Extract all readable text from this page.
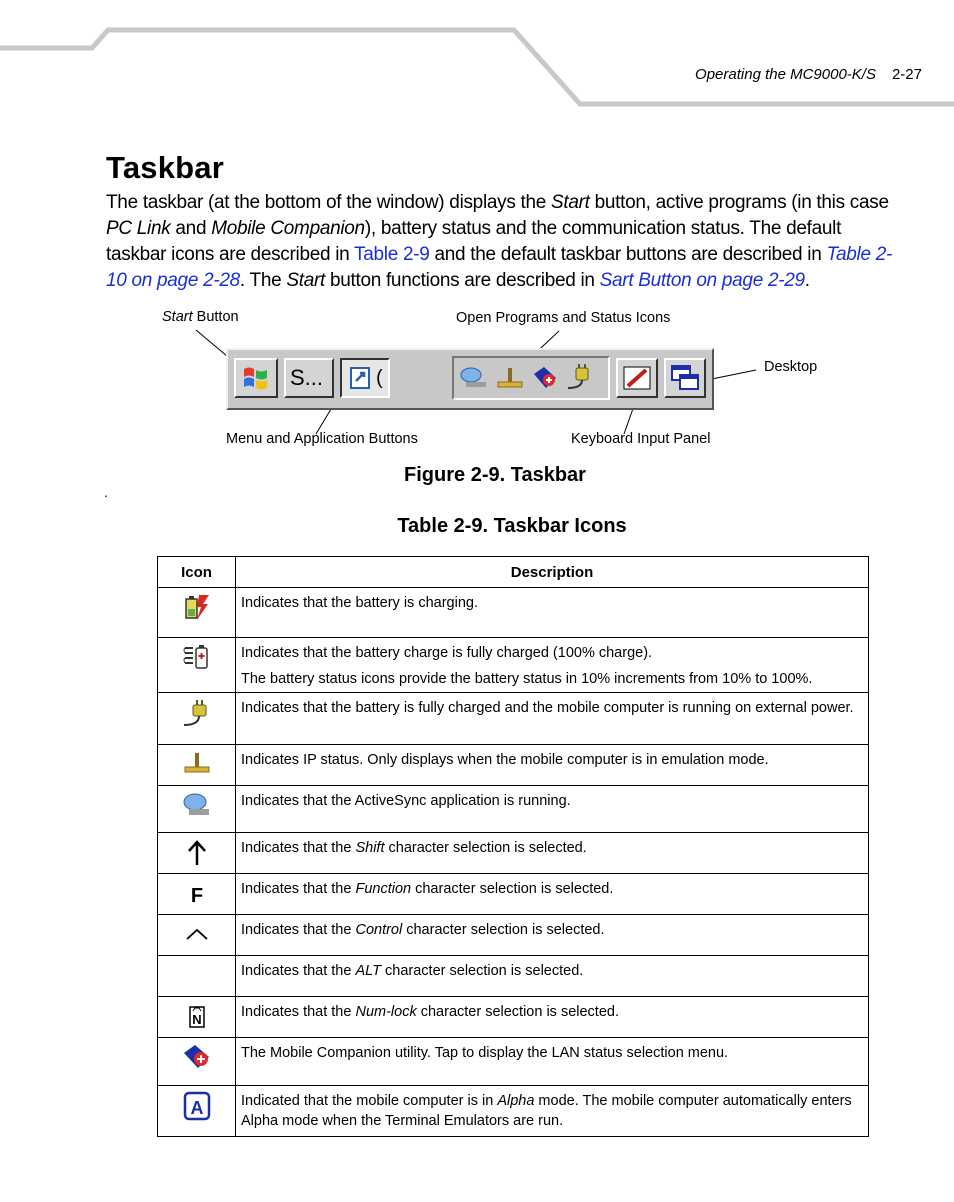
Operating the MC9000-K/S 2-27
Taskbar
The taskbar (at the bottom of the window) displays the Start button, active programs (in this case PC Link and Mobile Companion), battery status and the communication status. The default taskbar icons are described in Table 2-9 and the default taskbar buttons are described in Table 2-10 on page 2-28. The Start button functions are described in Sart Button on page 2-29.
Start Button	Open Programs and Status Icons
Desktop
Menu and Application Buttons	Keyboard Input Panel
S...	(
Figure 2-9. Taskbar
.
Table 2-9. Taskbar Icons
Icon	Description

Indicates that the battery is charging.

Indicates that the battery charge is fully charged (100% charge).

The battery status icons provide the battery status in 10% increments from 10% to 100%.

Indicates that the battery is fully charged and the mobile computer is running on external power.

Indicates IP status. Only displays when the mobile computer is in emulation mode.

Indicates that the ActiveSync application is running.

Indicates that the Shift character selection is selected.

F	Indicates that the Function character selection is selected.

Indicates that the Control character selection is selected.

	Indicates that the ALT character selection is selected.

N	Indicates that the Num-lock character selection is selected.

The Mobile Companion utility. Tap to display the LAN status selection menu.

A	Indicated that the mobile computer is in Alpha mode. The mobile computer automatically enters Alpha mode when the Terminal Emulators are run.
